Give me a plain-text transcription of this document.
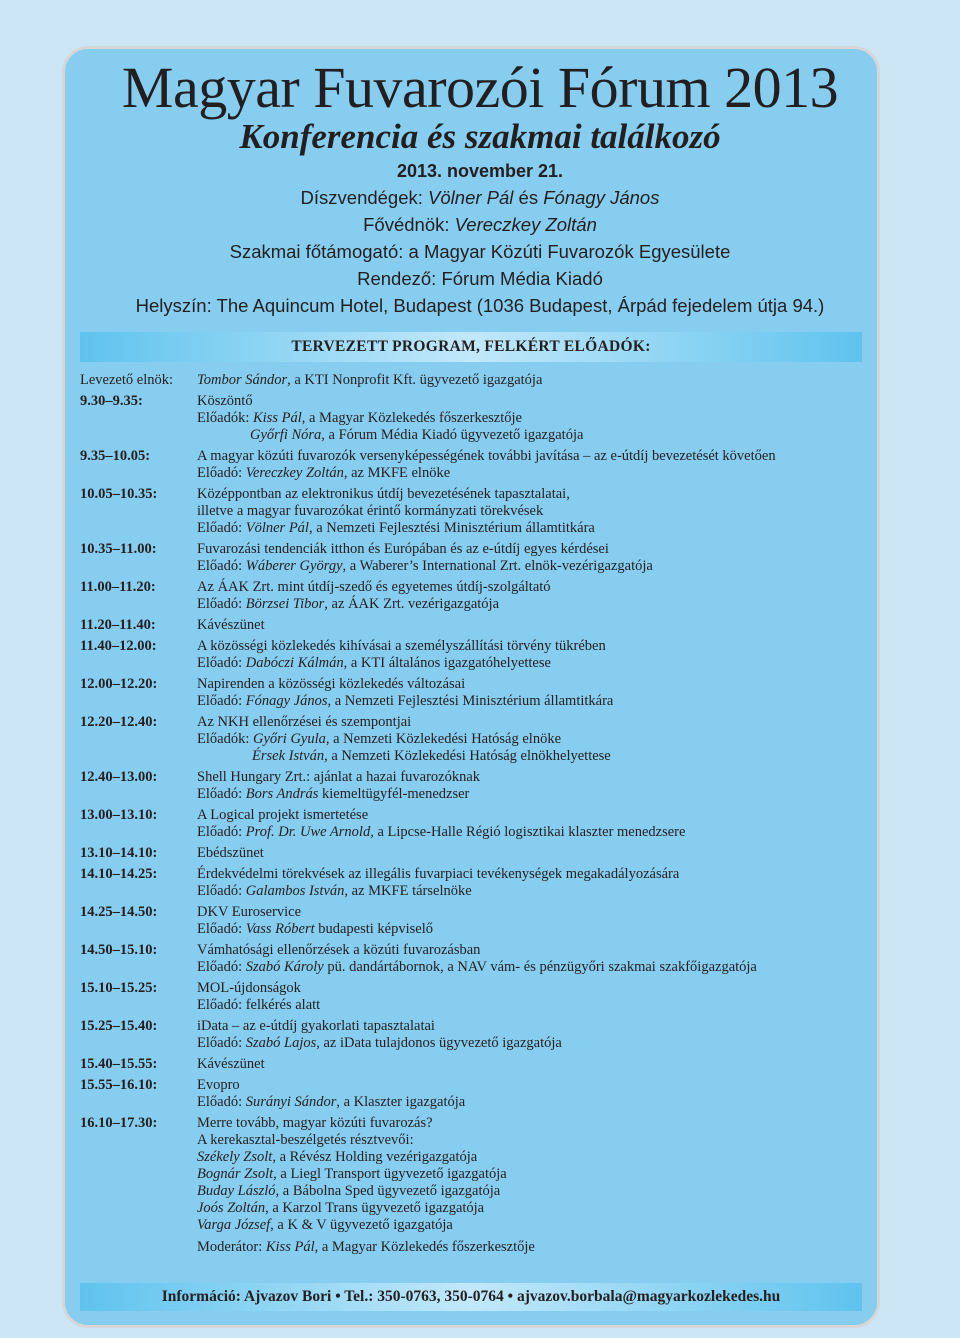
Magyar Fuvarozói Fórum 2013
Konferencia és szakmai találkozó
2013. november 21.
Díszvendégek: Völner Pál és Fónagy János
Fővédnök: Vereczkey Zoltán
Szakmai főtámogató: a Magyar Közúti Fuvarozók Egyesülete
Rendező: Fórum Média Kiadó
Helyszín: The Aquincum Hotel, Budapest (1036 Budapest, Árpád fejedelem útja 94.)
TERVEZETT PROGRAM, FELKÉRT ELŐADÓK:
Levezető elnök: Tombor Sándor, a KTI Nonprofit Kft. ügyvezető igazgatója
9.30–9.35:	Köszöntő
Előadók: Kiss Pál, a Magyar Közlekedés főszerkesztője
Győrfi Nóra, a Fórum Média Kiadó ügyvezető igazgatója
9.35–10.05:	A magyar közúti fuvarozók versenyképességének további javítása – az e-útdíj bevezetését követően
Előadó: Vereczkey Zoltán, az MKFE elnöke
10.05–10.35:	Középpontban az elektronikus útdíj bevezetésének tapasztalatai,
illetve a magyar fuvarozókat érintő kormányzati törekvések
Előadó: Völner Pál, a Nemzeti Fejlesztési Minisztérium államtitkára
10.35–11.00:	Fuvarozási tendenciák itthon és Európában és az e-útdíj egyes kérdései
Előadó: Wáberer György, a Waberer’s International Zrt. elnök-vezérigazgatója
11.00–11.20:	Az ÁAK Zrt. mint útdíj-szedő és egyetemes útdíj-szolgáltató
Előadó: Börzsei Tibor, az ÁAK Zrt. vezérigazgatója
11.20–11.40:	Kávészünet
11.40–12.00:	A közösségi közlekedés kihívásai a személyszállítási törvény tükrében
Előadó: Dabóczi Kálmán, a KTI általános igazgatóhelyettese
12.00–12.20:	Napirenden a közösségi közlekedés változásai
Előadó: Fónagy János, a Nemzeti Fejlesztési Minisztérium államtitkára
12.20–12.40:	Az NKH ellenőrzései és szempontjai
Előadók: Győri Gyula, a Nemzeti Közlekedési Hatóság elnöke
Érsek István, a Nemzeti Közlekedési Hatóság elnökhelyettese
12.40–13.00:	Shell Hungary Zrt.: ajánlat a hazai fuvarozóknak
Előadó: Bors András kiemeltügyfél-menedzser
13.00–13.10:	A Logical projekt ismertetése
Előadó: Prof. Dr. Uwe Arnold, a Lipcse-Halle Régió logisztikai klaszter menedzsere
13.10–14.10:	Ebédszünet
14.10–14.25:	Érdekvédelmi törekvések az illegális fuvarpiaci tevékenységek megakadályozására
Előadó: Galambos István, az MKFE társelnöke
14.25–14.50:	DKV Euroservice
Előadó: Vass Róbert budapesti képviselő
14.50–15.10:	Vámhatósági ellenőrzések a közúti fuvarozásban
Előadó: Szabó Károly pü. dandártábornok, a NAV vám- és pénzügyőri szakmai szakfőigazgatója
15.10–15.25:	MOL-újdonságok
Előadó: felkérés alatt
15.25–15.40:	iData – az e-útdíj gyakorlati tapasztalatai
Előadó: Szabó Lajos, az iData tulajdonos ügyvezető igazgatója
15.40–15.55:	Kávészünet
15.55–16.10:	Evopro
Előadó: Surányi Sándor, a Klaszter igazgatója
16.10–17.30:	Merre tovább, magyar közúti fuvarozás?
A kerekasztal-beszélgetés résztvevői:
Székely Zsolt, a Révész Holding vezérigazgatója
Bognár Zsolt, a Liegl Transport ügyvezető igazgatója
Buday László, a Bábolna Sped ügyvezető igazgatója
Joós Zoltán, a Karzol Trans ügyvezető igazgatója
Varga József, a K & V ügyvezető igazgatója
Moderátor: Kiss Pál, a Magyar Közlekedés főszerkesztője
Információ: Ajvazov Bori • Tel.: 350-0763, 350-0764 • ajvazov.borbala@magyarkozlekedes.hu
